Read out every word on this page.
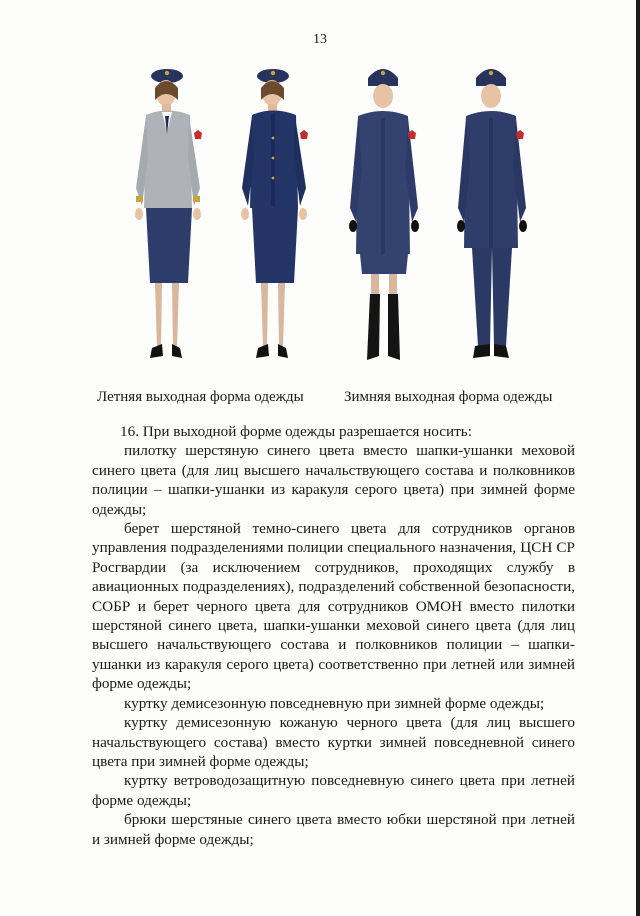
13
Летняя выходная форма одежды	Зимняя выходная форма одежды

16. При выходной форме одежды разрешается носить:

пилотку шерстяную синего цвета вместо шапки-ушанки меховой синего цвета (для лиц высшего начальствующего состава и полковников полиции – шапки-ушанки из каракуля серого цвета) при зимней форме одежды;

берет шерстяной темно-синего цвета для сотрудников органов управления подразделениями полиции специального назначения, ЦСН СР Росгвардии (за исключением сотрудников, проходящих службу в авиационных подразделениях), подразделений собственной безопасности, СОБР и берет черного цвета для сотрудников ОМОН вместо пилотки шерстяной синего цвета, шапки-ушанки меховой синего цвета (для лиц высшего начальствующего состава и полковников полиции – шапки-ушанки из каракуля серого цвета) соответственно при летней или зимней форме одежды;

куртку демисезонную повседневную при зимней форме одежды;

куртку демисезонную кожаную черного цвета (для лиц высшего начальствующего состава) вместо куртки зимней повседневной синего цвета при зимней форме одежды;

куртку ветроводозащитную повседневную синего цвета при летней форме одежды;

брюки шерстяные синего цвета вместо юбки шерстяной при летней и зимней форме одежды;
